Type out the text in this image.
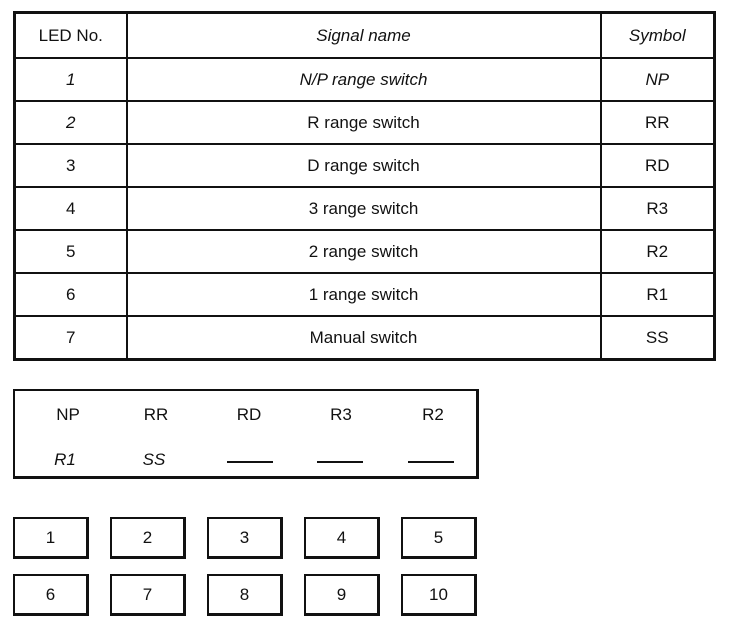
LED No.	Signal name	Symbol
1	N/P range switch	NP
2	R range switch	RR
3	D range switch	RD
4	3 range switch	R3
5	2 range switch	R2
6	1 range switch	R1
7	Manual switch	SS
NP	RR	RD	R3	R2
R1	SS
1	2	3	4	5
6	7	8	9	10
